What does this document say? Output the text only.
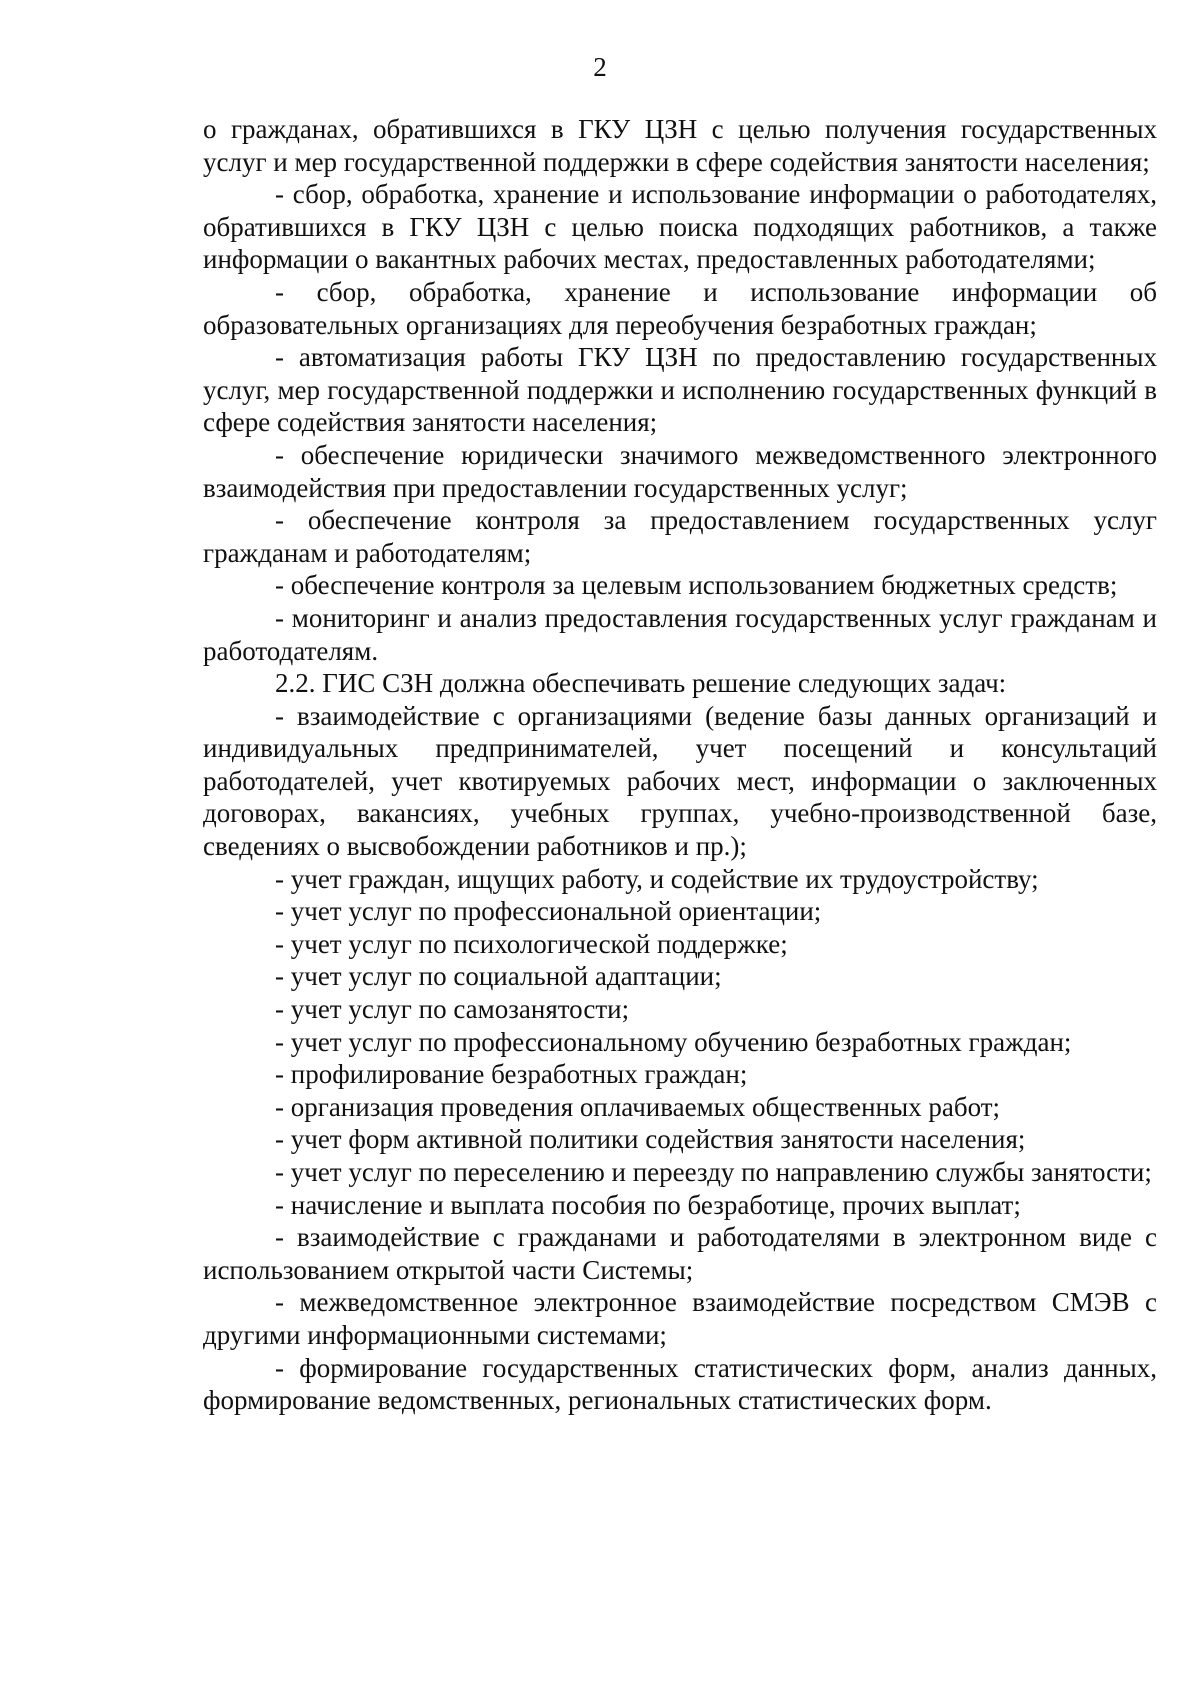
2

о гражданах, обратившихся в ГКУ ЦЗН с целью получения государственных услуг и мер государственной поддержки в сфере содействия занятости населения;

- сбор, обработка, хранение и использование информации о работодателях, обратившихся в ГКУ ЦЗН с целью поиска подходящих работников, а также информации о вакантных рабочих местах, предоставленных работодателями;

- сбор, обработка, хранение и использование информации об образовательных организациях для переобучения безработных граждан;

- автоматизация работы ГКУ ЦЗН по предоставлению государственных услуг, мер государственной поддержки и исполнению государственных функций в сфере содействия занятости населения;

- обеспечение юридически значимого межведомственного электронного взаимодействия при предоставлении государственных услуг;

- обеспечение контроля за предоставлением государственных услуг гражданам и работодателям;

- обеспечение контроля за целевым использованием бюджетных средств;

- мониторинг и анализ предоставления государственных услуг гражданам и работодателям.

2.2. ГИС СЗН должна обеспечивать решение следующих задач:

- взаимодействие с организациями (ведение базы данных организаций и индивидуальных предпринимателей, учет посещений и консультаций работодателей, учет квотируемых рабочих мест, информации о заключенных договорах, вакансиях, учебных группах, учебно-производственной базе, сведениях о высвобождении работников и пр.);

- учет граждан, ищущих работу, и содействие их трудоустройству;

- учет услуг по профессиональной ориентации;

- учет услуг по психологической поддержке;

- учет услуг по социальной адаптации;

- учет услуг по самозанятости;

- учет услуг по профессиональному обучению безработных граждан;

- профилирование безработных граждан;

- организация проведения оплачиваемых общественных работ;

- учет форм активной политики содействия занятости населения;

- учет услуг по переселению и переезду по направлению службы занятости;

- начисление и выплата пособия по безработице, прочих выплат;

- взаимодействие с гражданами и работодателями в электронном виде с использованием открытой части Системы;

- межведомственное электронное взаимодействие посредством СМЭВ с другими информационными системами;

- формирование государственных статистических форм, анализ данных, формирование ведомственных, региональных статистических форм.
